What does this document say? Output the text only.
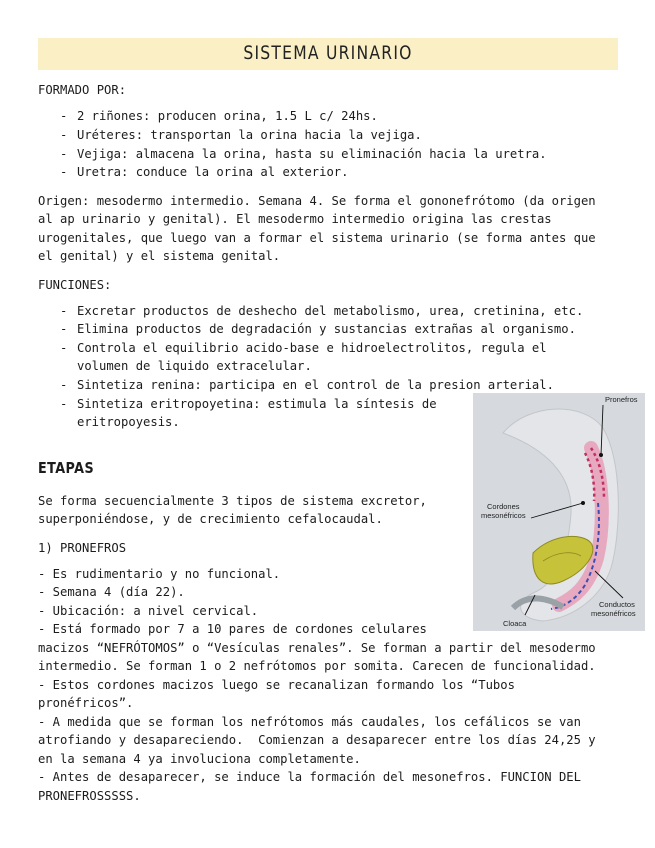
SISTEMA URINARIO
FORMADO POR:
- 2 riñones: producen orina, 1.5 L c/ 24hs.
- Uréteres: transportan la orina hacia la vejiga.
- Vejiga: almacena la orina, hasta su eliminación hacia la uretra.
- Uretra: conduce la orina al exterior.
Origen: mesodermo intermedio. Semana 4. Se forma el gononefrótomo (da origen
al ap urinario y genital). El mesodermo intermedio origina las crestas
urogenitales, que luego van a formar el sistema urinario (se forma antes que
el genital) y el sistema genital.
FUNCIONES:
- Excretar productos de deshecho del metabolismo, urea, cretinina, etc.
- Elimina productos de degradación y sustancias extrañas al organismo.
- Controla el equilibrio acido-base e hidroelectrolitos, regula el
volumen de liquido extracelular.
- Sintetiza renina: participa en el control de la presion arterial.
- Sintetiza eritropoyetina: estimula la síntesis de
eritropoyesis.
ETAPAS
Se forma secuencialmente 3 tipos de sistema excretor,
superponiéndose, y de crecimiento cefalocaudal.
1) PRONEFROS
- Es rudimentario y no funcional.
- Semana 4 (día 22).
- Ubicación: a nivel cervical.
- Está formado por 7 a 10 pares de cordones celulares
macizos “NEFRÓTOMOS” o “Vesículas renales”. Se forman a partir del mesodermo
intermedio. Se forman 1 o 2 nefrótomos por somita. Carecen de funcionalidad.
- Estos cordones macizos luego se recanalizan formando los “Tubos
pronéfricos”.
- A medida que se forman los nefrótomos más caudales, los cefálicos se van
atrofiando y desapareciendo.  Comienzan a desaparecer entre los días 24,25 y
en la semana 4 ya involuciona completamente.
- Antes de desaparecer, se induce la formación del mesonefros. FUNCION DEL
PRONEFROSSSSS.
Pronefros
Cordones
mesonéfricos
Conductos
mesonéfricos
Cloaca
